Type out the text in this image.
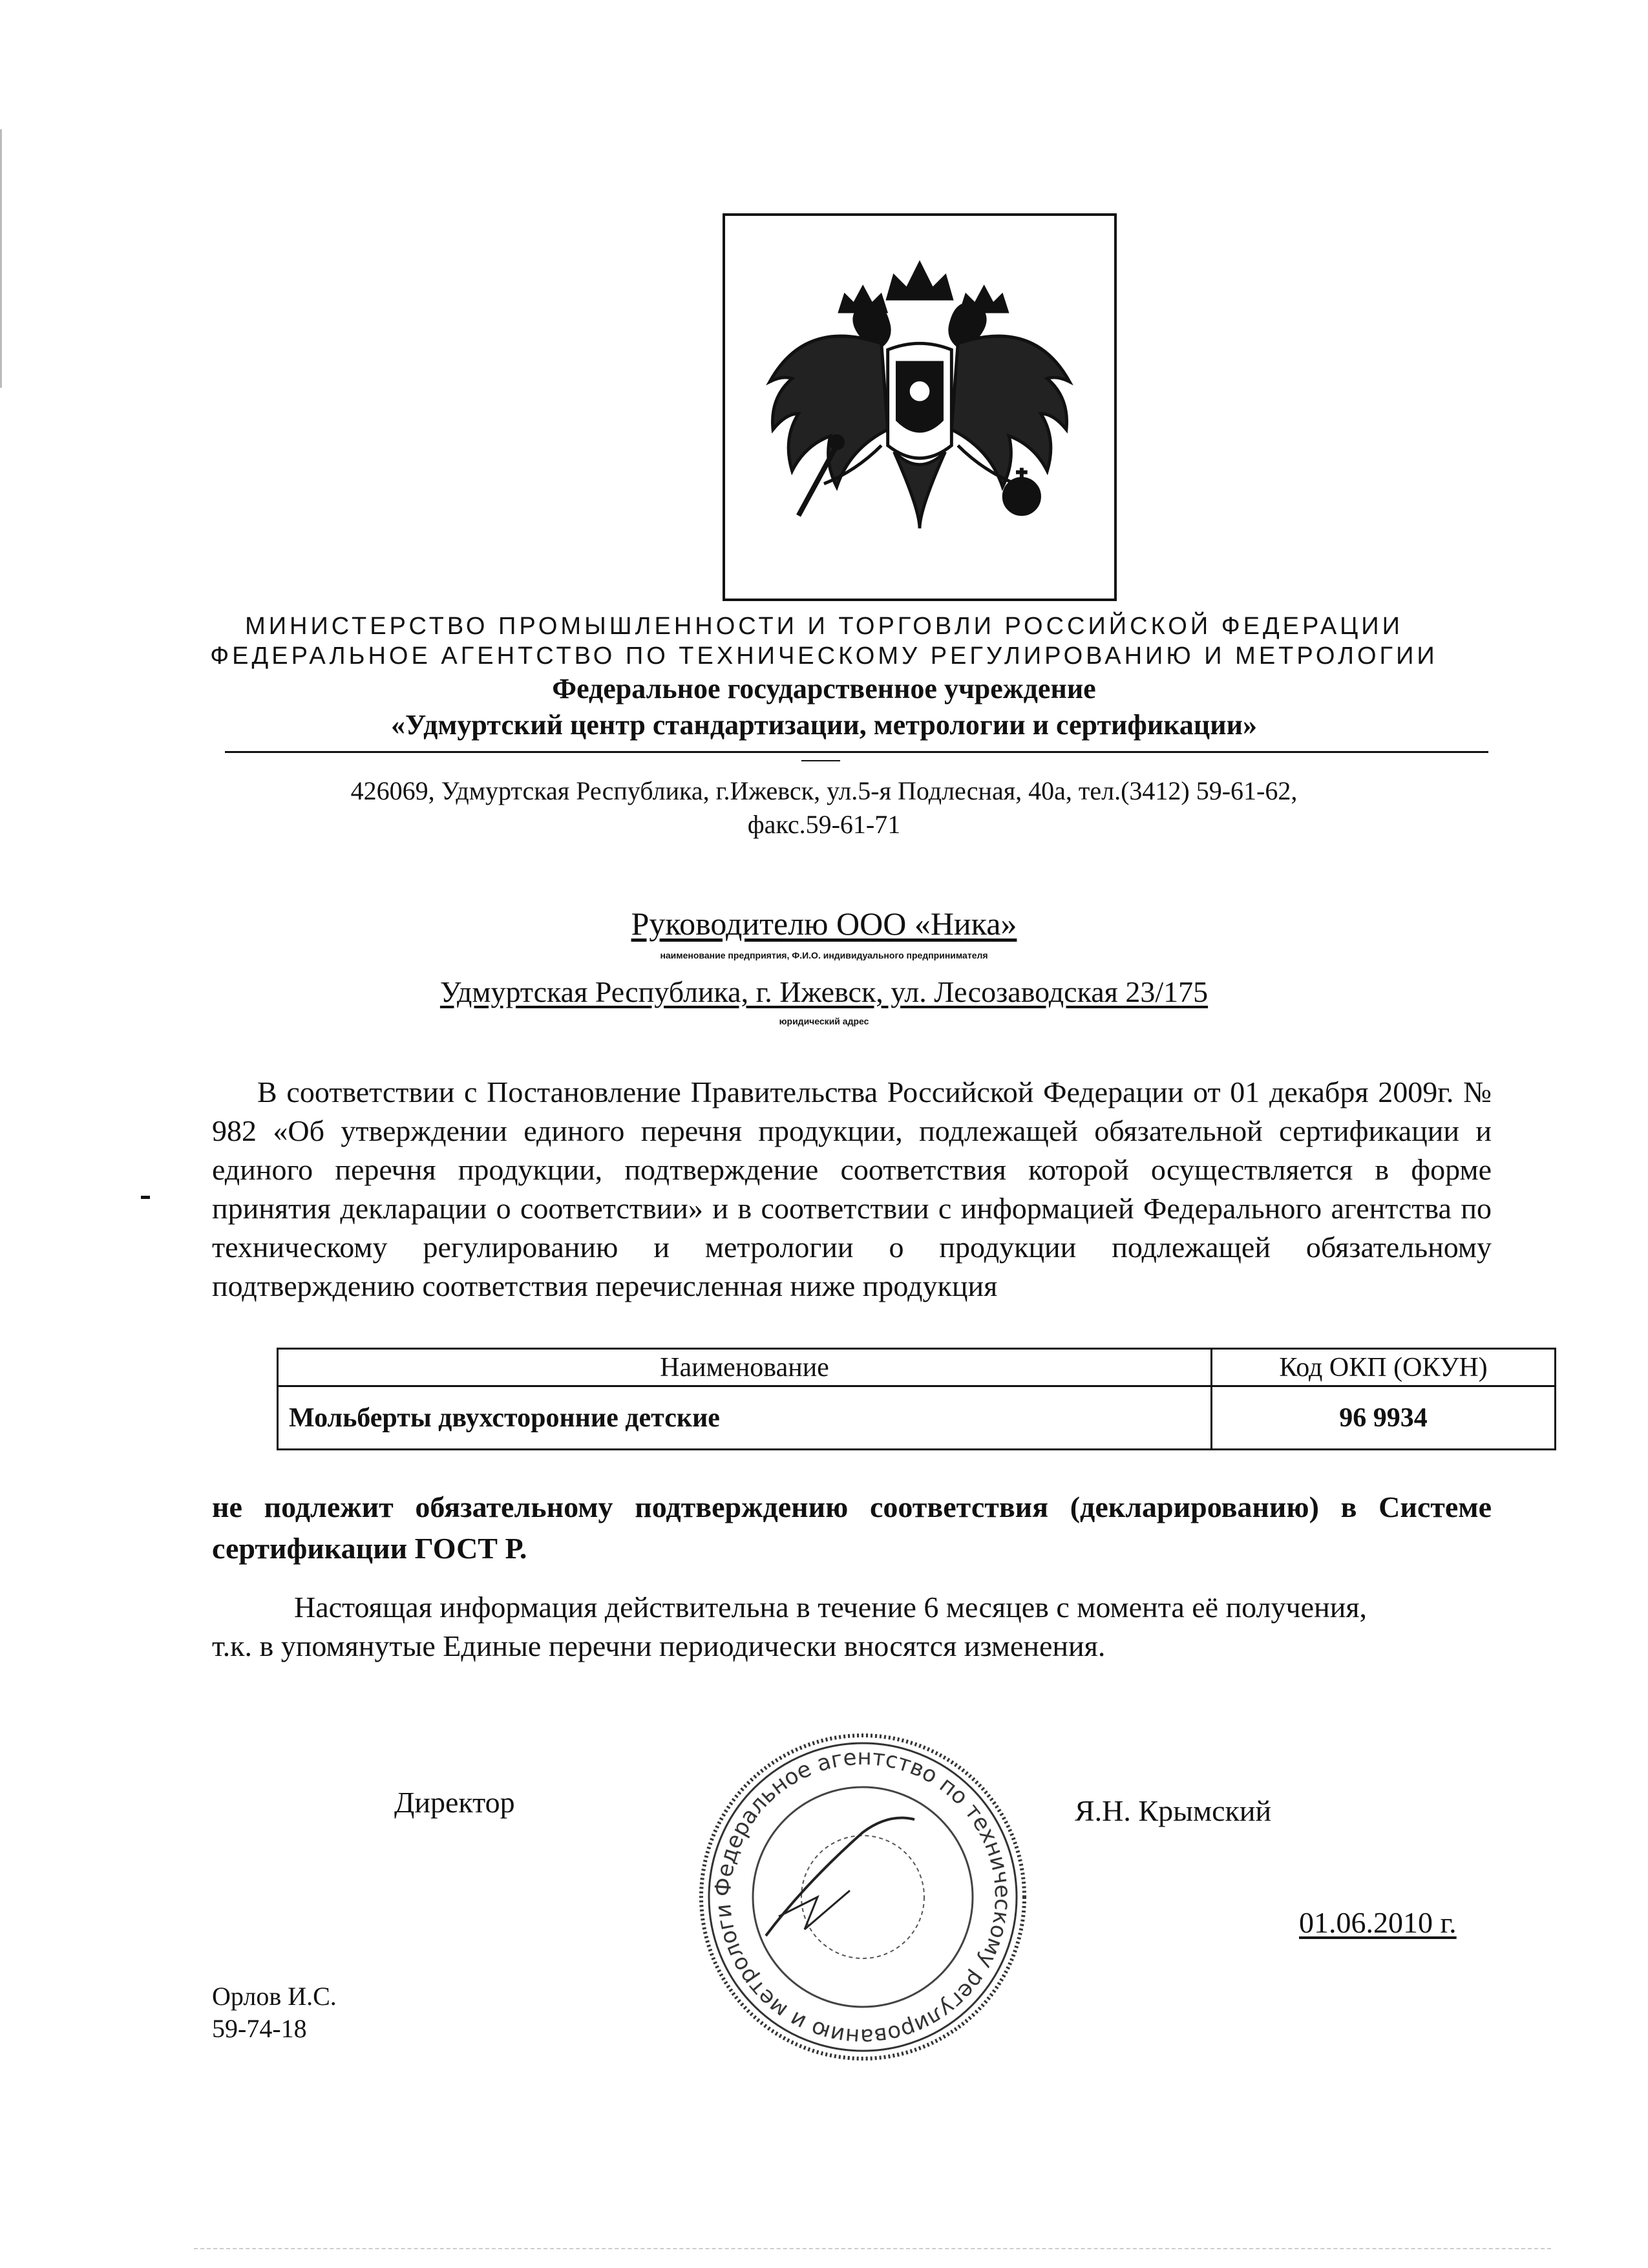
МИНИСТЕРСТВО ПРОМЫШЛЕННОСТИ И ТОРГОВЛИ РОССИЙСКОЙ ФЕДЕРАЦИИ
ФЕДЕРАЛЬНОЕ АГЕНТСТВО ПО ТЕХНИЧЕСКОМУ РЕГУЛИРОВАНИЮ И МЕТРОЛОГИИ
Федеральное государственное учреждение
«Удмуртский центр стандартизации, метрологии и сертификации»
426069, Удмуртская Республика, г.Ижевск, ул.5-я Подлесная, 40а, тел.(3412) 59-61-62,
факс.59-61-71
Руководителю ООО «Ника»
наименование предприятия, Ф.И.О. индивидуального предпринимателя
Удмуртская Республика, г. Ижевск, ул. Лесозаводская 23/175
юридический адрес

В соответствии с Постановление Правительства Российской Федерации от 01 декабря 2009г. № 982 «Об утверждении единого перечня продукции, подлежащей обязательной сертификации и единого перечня продукции, подтверждение соответствия которой осуществляется в форме принятия декларации о соответствии» и в соответствии с информацией Федерального агентства по техническому регулированию и метрологии о продукции подлежащей обязательному подтверждению соответствия перечисленная ниже продукция

Наименование	Код ОКП (ОКУН)
Мольберты двухсторонние детские	96 9934
не подлежит обязательному подтверждению соответствия (декларированию) в Системе сертификации ГОСТ Р.
Настоящая информация действительна в течение 6 месяцев с момента её получения,
т.к. в упомянутые Единые перечни периодически вносятся изменения.
Директор	Я.Н. Крымский
01.06.2010 г.
Федеральное агентство по техническому регулированию и метрологи
Орлов И.С.
59-74-18
